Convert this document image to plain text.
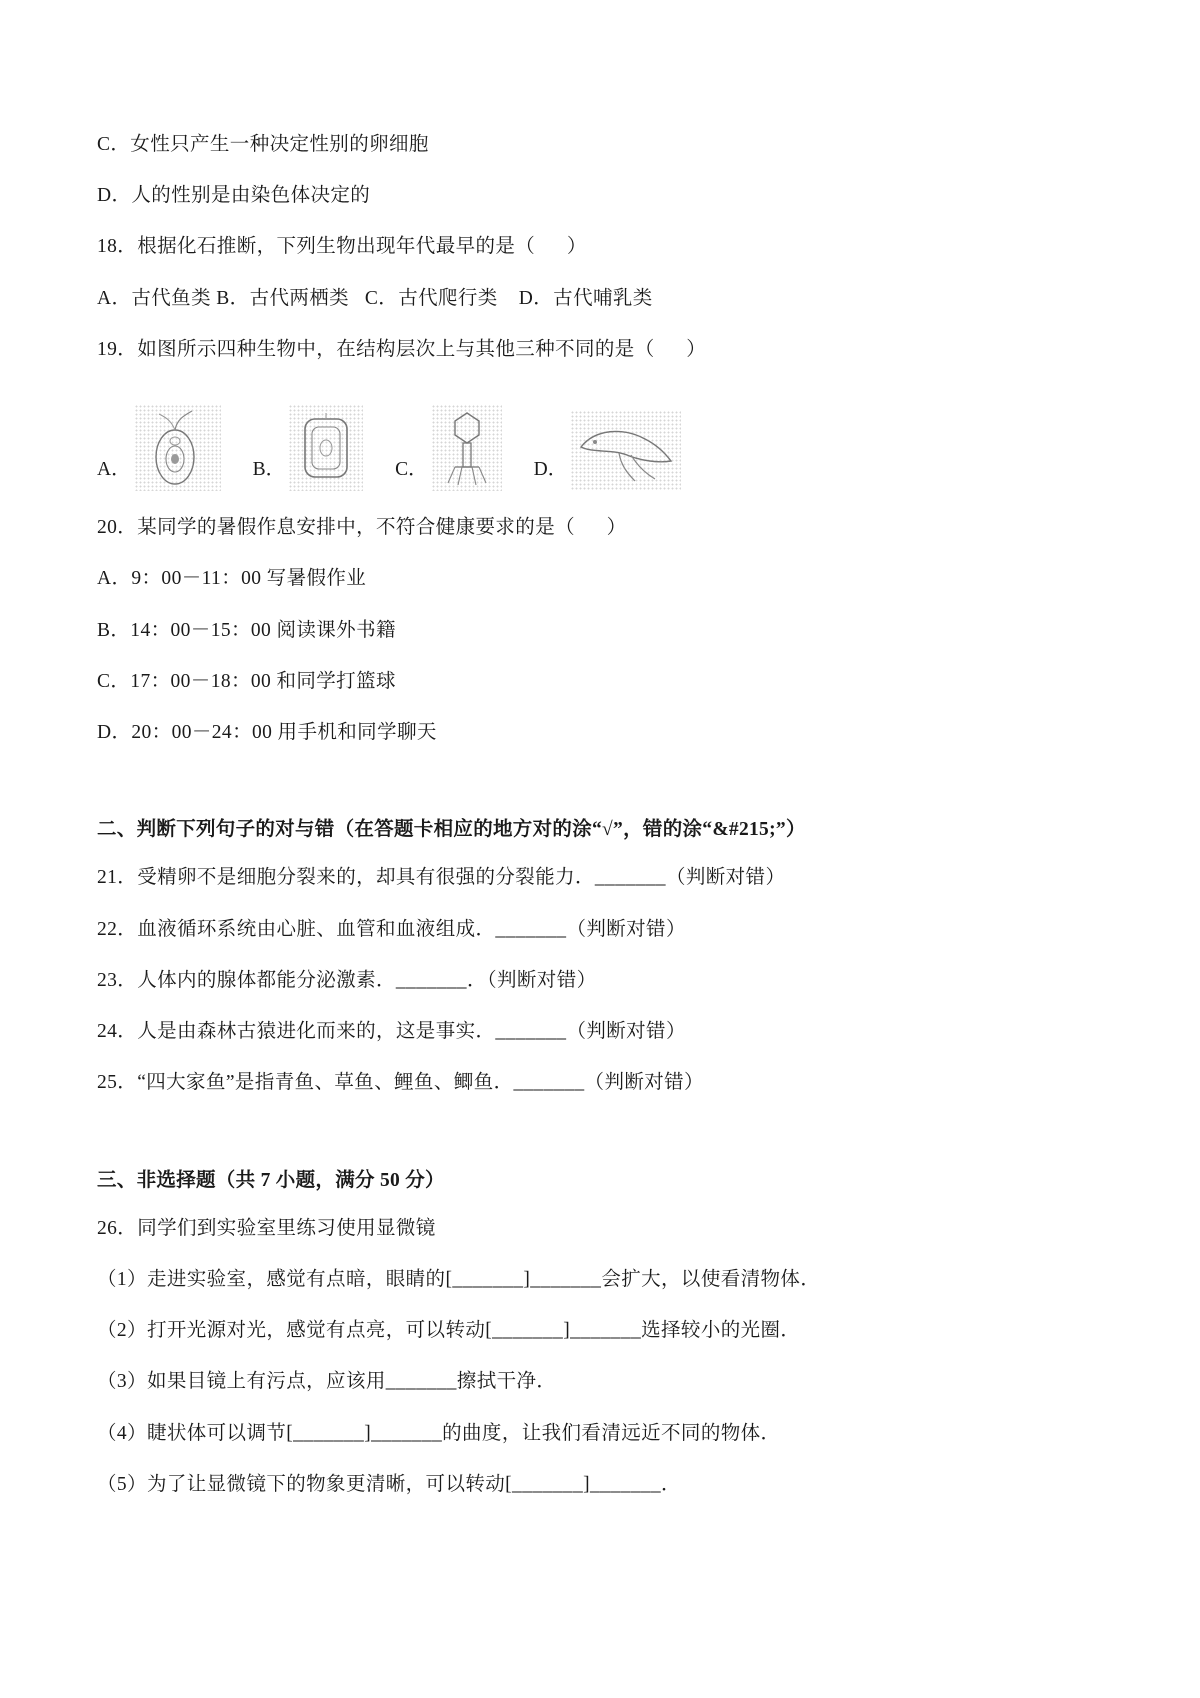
C．女性只产生一种决定性别的卵细胞

D．人的性别是由染色体决定的

18．根据化石推断，下列生物出现年代最早的是（      ）

A．古代鱼类 B．古代两栖类   C．古代爬行类    D．古代哺乳类

19．如图所示四种生物中，在结构层次上与其他三种不同的是（      ）

A．	B．	C．	D．

20．某同学的暑假作息安排中，不符合健康要求的是（      ）

A．9：00－11：00 写暑假作业

B．14：00－15：00 阅读课外书籍

C．17：00－18：00 和同学打篮球

D．20：00－24：00 用手机和同学聊天

二、判断下列句子的对与错（在答题卡相应的地方对的涂“√”，错的涂“&#215;”）

21．受精卵不是细胞分裂来的，却具有很强的分裂能力．_______（判断对错）

22．血液循环系统由心脏、血管和血液组成．_______（判断对错）

23．人体内的腺体都能分泌激素．_______．（判断对错）

24．人是由森林古猿进化而来的，这是事实．_______（判断对错）

25．“四大家鱼”是指青鱼、草鱼、鲤鱼、鲫鱼．_______（判断对错）

三、非选择题（共 7 小题，满分 50 分）

26．同学们到实验室里练习使用显微镜

（1）走进实验室，感觉有点暗，眼睛的[_______]_______会扩大，以使看清物体．

（2）打开光源对光，感觉有点亮，可以转动[_______]_______选择较小的光圈．

（3）如果目镜上有污点，应该用_______擦拭干净．

（4）睫状体可以调节[_______]_______的曲度，让我们看清远近不同的物体．

（5）为了让显微镜下的物象更清晰，可以转动[_______]_______．
